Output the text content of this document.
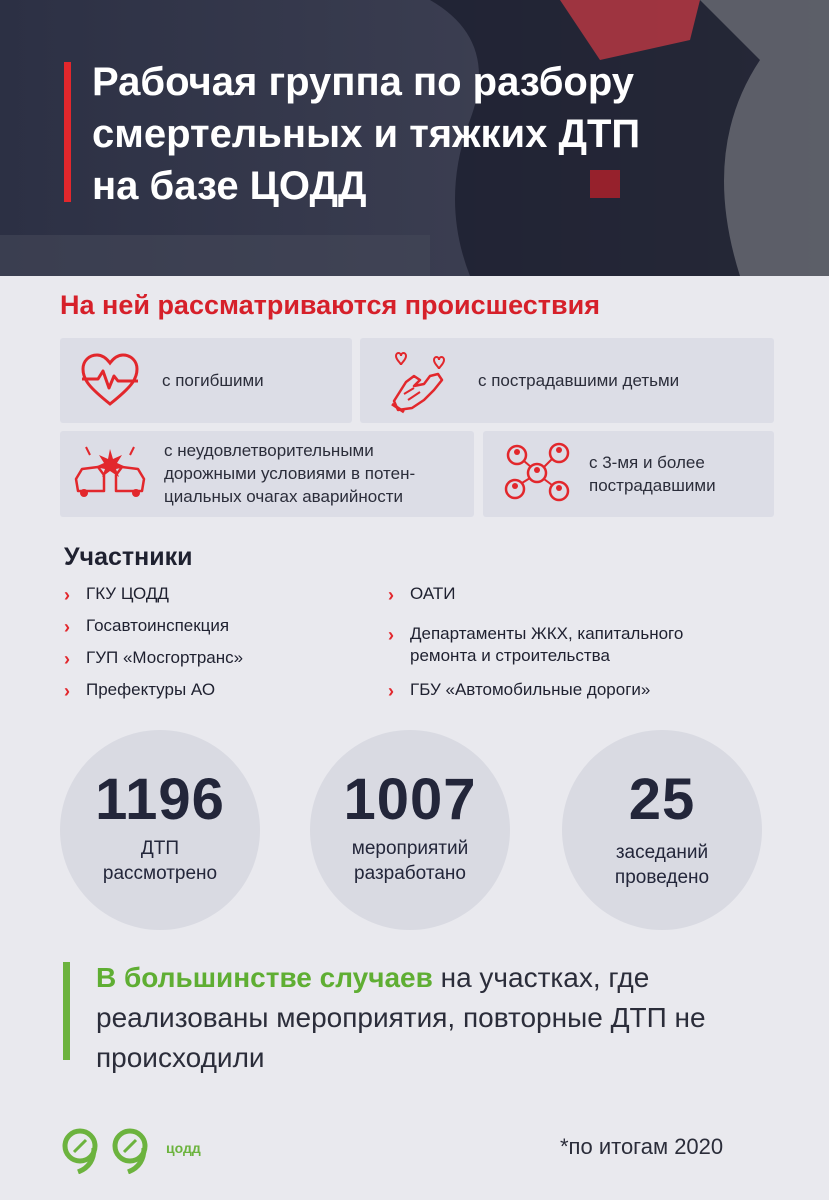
Рабочая группа по разбору
смертельных и тяжких ДТП
на базе ЦОДД
На ней рассматриваются происшествия
с погибшими	с пострадавшими детьми
с неудовлетворительными
дорожными условиями в потен-
циальных очагах аварийности
с 3-мя и более
пострадавшими
Участники
› ГКУ ЦОДД
› Госавтоинспекция
› ГУП «Мосгортранс»
› Префектуры АО
› ОАТИ
› Департаменты ЖКХ, капитального
ремонта и строительства
› ГБУ «Автомобильные дороги»
1196
ДТП
рассмотрено
1007
мероприятий
разработано
25
заседаний
проведено
В большинстве случаев на участках, где реализованы мероприятия, повторные ДТП не происходили
цодд	*по итогам 2020
